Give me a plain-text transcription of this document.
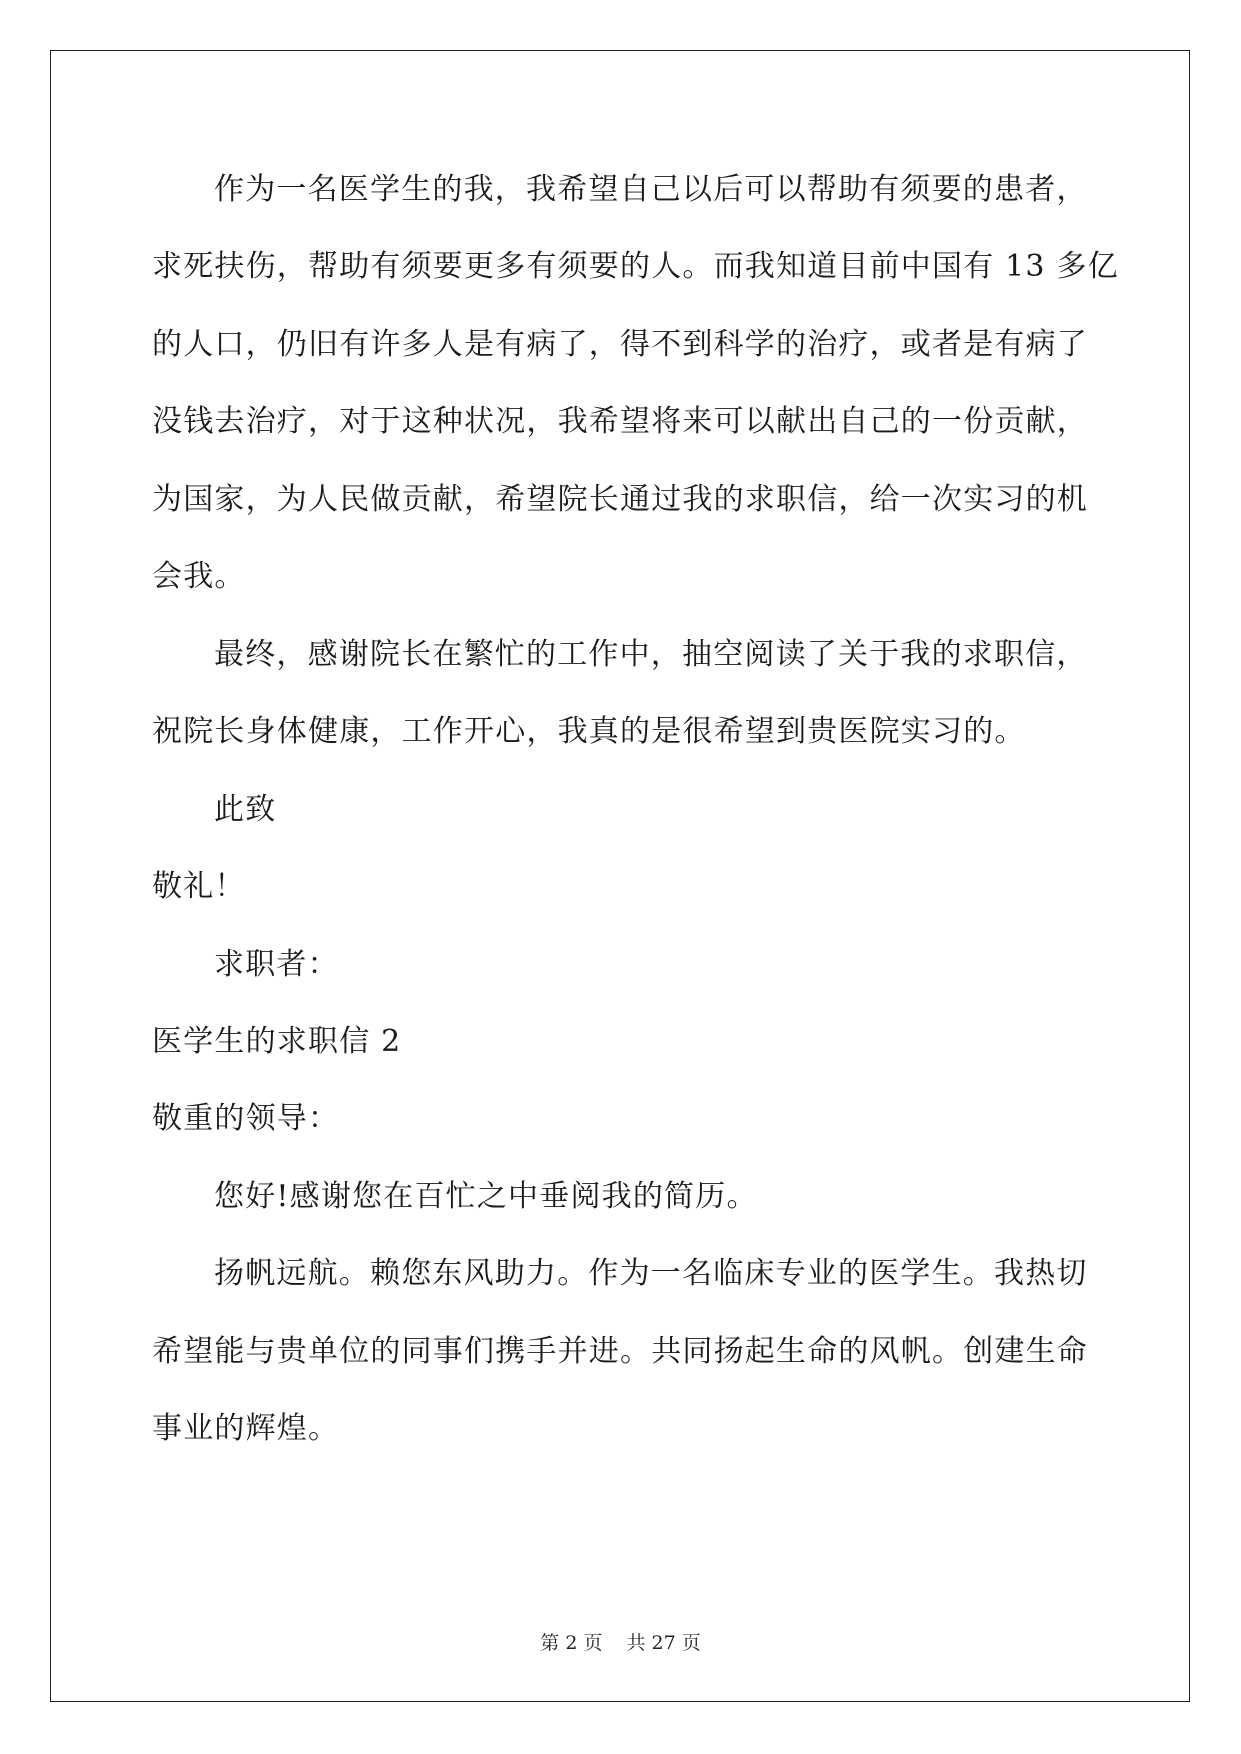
作为一名医学生的我，我希望自己以后可以帮助有须要的患者，
求死扶伤，帮助有须要更多有须要的人。而我知道目前中国有 13 多亿
的人口，仍旧有许多人是有病了，得不到科学的治疗，或者是有病了
没钱去治疗，对于这种状况，我希望将来可以献出自己的一份贡献，
为国家，为人民做贡献，希望院长通过我的求职信，给一次实习的机
会我。
最终，感谢院长在繁忙的工作中，抽空阅读了关于我的求职信，
祝院长身体健康，工作开心，我真的是很希望到贵医院实习的。
此致
敬礼！
求职者：
医学生的求职信 2
敬重的领导：
您好!感谢您在百忙之中垂阅我的简历。
扬帆远航。赖您东风助力。作为一名临床专业的医学生。我热切
希望能与贵单位的同事们携手并进。共同扬起生命的风帆。创建生命
事业的辉煌。
第 2 页 共 27 页
